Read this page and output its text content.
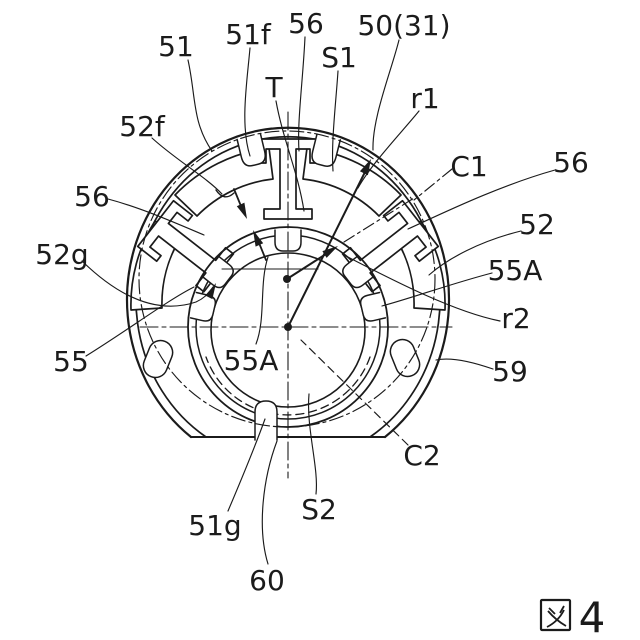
51 51f 56 50(31)
S1
T	r1
52f
C1 56
56
52
52g	55A
r2
55	55A	59
C2
S2
51g
60
4
